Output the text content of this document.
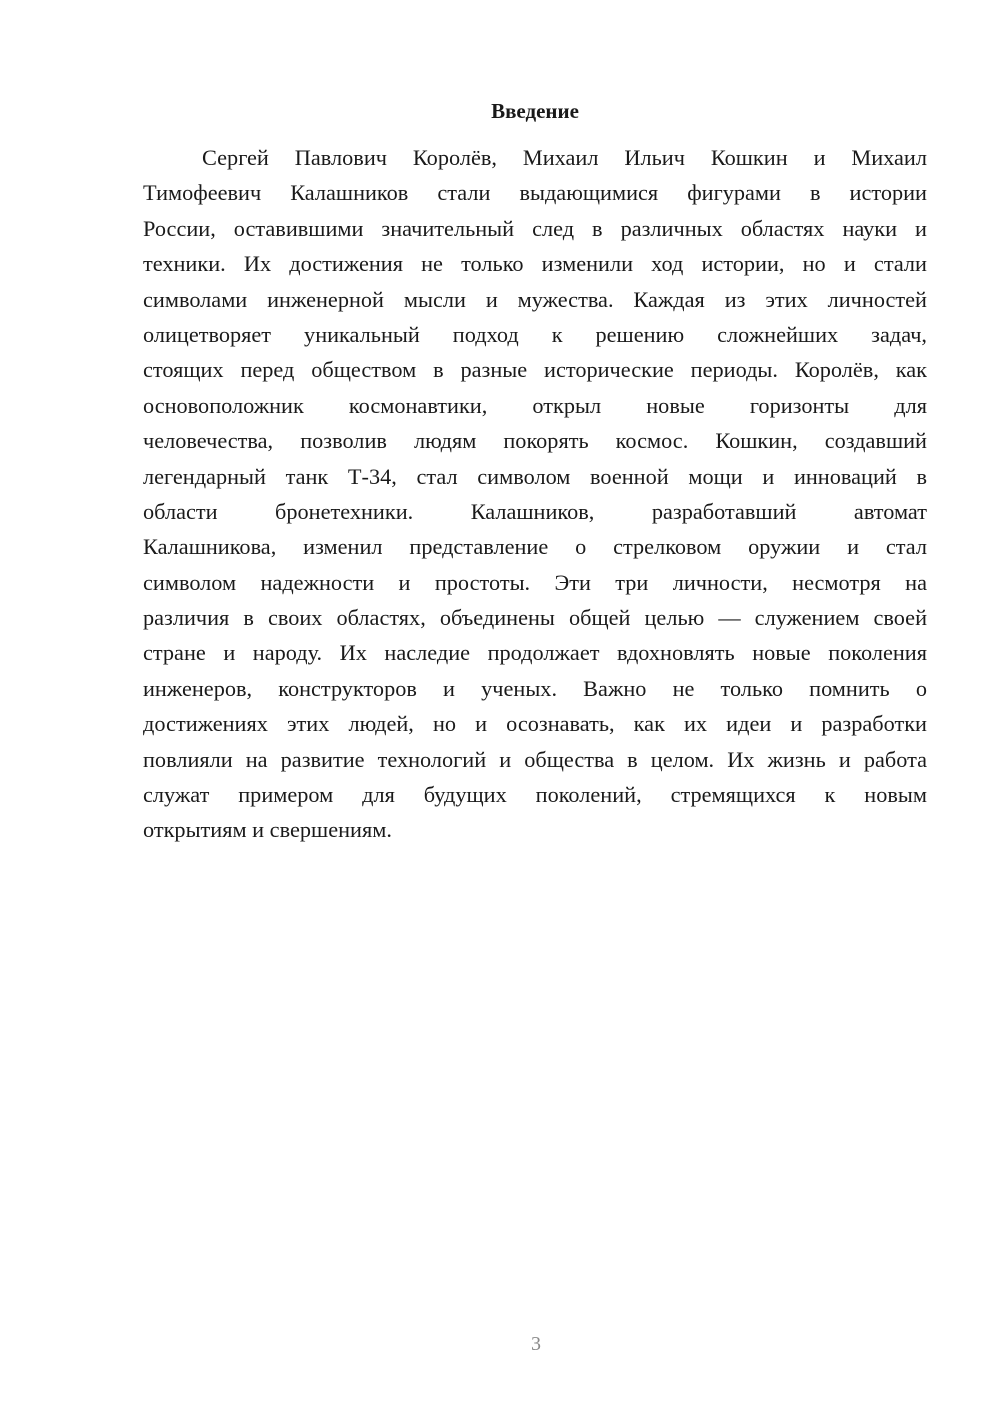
Введение
Сергей Павлович Королёв, Михаил Ильич Кошкин и Михаил
Тимофеевич Калашников стали выдающимися фигурами в истории
России, оставившими значительный след в различных областях науки и
техники. Их достижения не только изменили ход истории, но и стали
символами инженерной мысли и мужества. Каждая из этих личностей
олицетворяет уникальный подход к решению сложнейших задач,
стоящих перед обществом в разные исторические периоды. Королёв, как
основоположник космонавтики, открыл новые горизонты для
человечества, позволив людям покорять космос. Кошкин, создавший
легендарный танк Т-34, стал символом военной мощи и инноваций в
области бронетехники. Калашников, разработавший автомат
Калашникова, изменил представление о стрелковом оружии и стал
символом надежности и простоты. Эти три личности, несмотря на
различия в своих областях, объединены общей целью — служением своей
стране и народу. Их наследие продолжает вдохновлять новые поколения
инженеров, конструкторов и ученых. Важно не только помнить о
достижениях этих людей, но и осознавать, как их идеи и разработки
повлияли на развитие технологий и общества в целом. Их жизнь и работа
служат примером для будущих поколений, стремящихся к новым
открытиям и свершениям.
3
